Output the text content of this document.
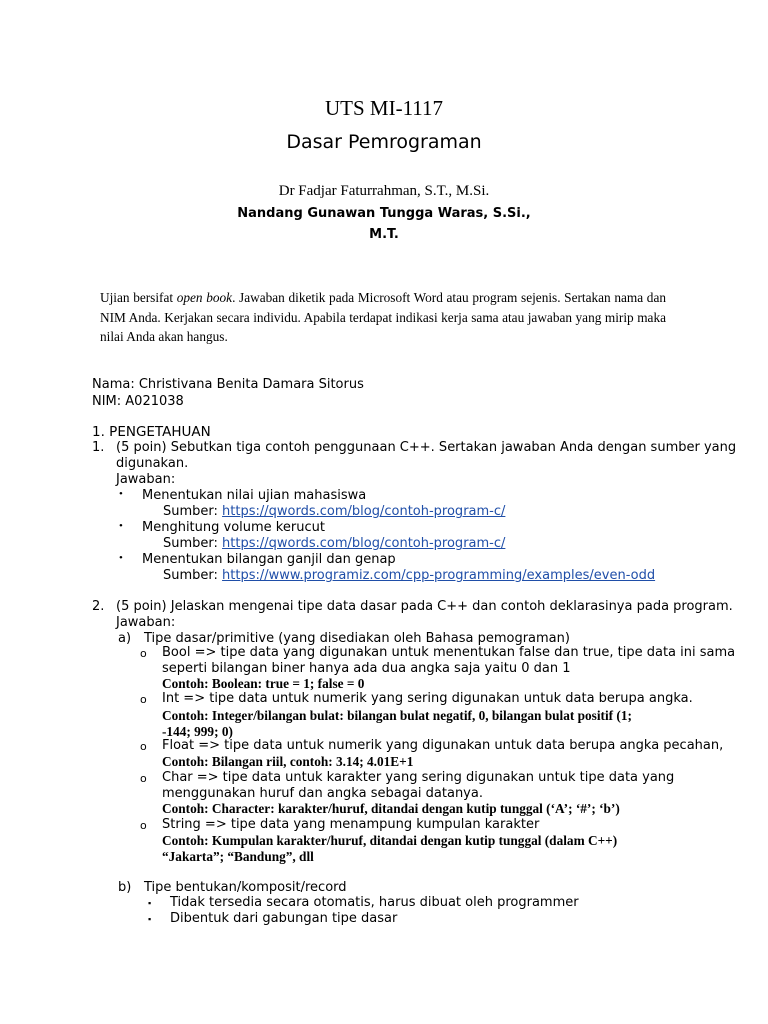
UTS MI-1117
Dasar Pemrograman
Dr Fadjar Faturrahman, S.T., M.Si.
Nandang Gunawan Tungga Waras, S.Si.,
M.T.
Ujian bersifat open book. Jawaban diketik pada Microsoft Word atau program sejenis. Sertakan nama dan NIM Anda. Kerjakan secara individu. Apabila terdapat indikasi kerja sama atau jawaban yang mirip maka nilai Anda akan hangus.
Nama: Christivana Benita Damara Sitorus
NIM: A021038
1. PENGETAHUAN
1. (5 poin) Sebutkan tiga contoh penggunaan C++. Sertakan jawaban Anda dengan sumber yang
digunakan.
Jawaban:
• Menentukan nilai ujian mahasiswa
Sumber: https://qwords.com/blog/contoh-program-c/
• Menghitung volume kerucut
Sumber: https://qwords.com/blog/contoh-program-c/
• Menentukan bilangan ganjil dan genap
Sumber: https://www.programiz.com/cpp-programming/examples/even-odd
2. (5 poin) Jelaskan mengenai tipe data dasar pada C++ dan contoh deklarasinya pada program.
Jawaban:
a) Tipe dasar/primitive (yang disediakan oleh Bahasa pemograman)
o Bool => tipe data yang digunakan untuk menentukan false dan true, tipe data ini sama
seperti bilangan biner hanya ada dua angka saja yaitu 0 dan 1
Contoh: Boolean: true = 1; false = 0
o Int => tipe data untuk numerik yang sering digunakan untuk data berupa angka.
Contoh: Integer/bilangan bulat: bilangan bulat negatif, 0, bilangan bulat positif (1;
-144; 999; 0)
o Float => tipe data untuk numerik yang digunakan untuk data berupa angka pecahan,
Contoh: Bilangan riil, contoh: 3.14; 4.01E+1
o Char => tipe data untuk karakter yang sering digunakan untuk tipe data yang
menggunakan huruf dan angka sebagai datanya.
Contoh: Character: karakter/huruf, ditandai dengan kutip tunggal (‘A’; ‘#’; ‘b’)
o String => tipe data yang menampung kumpulan karakter
Contoh: Kumpulan karakter/huruf, ditandai dengan kutip tunggal (dalam C++)
“Jakarta”; “Bandung”, dll
b) Tipe bentukan/komposit/record
▪ Tidak tersedia secara otomatis, harus dibuat oleh programmer
▪ Dibentuk dari gabungan tipe dasar
